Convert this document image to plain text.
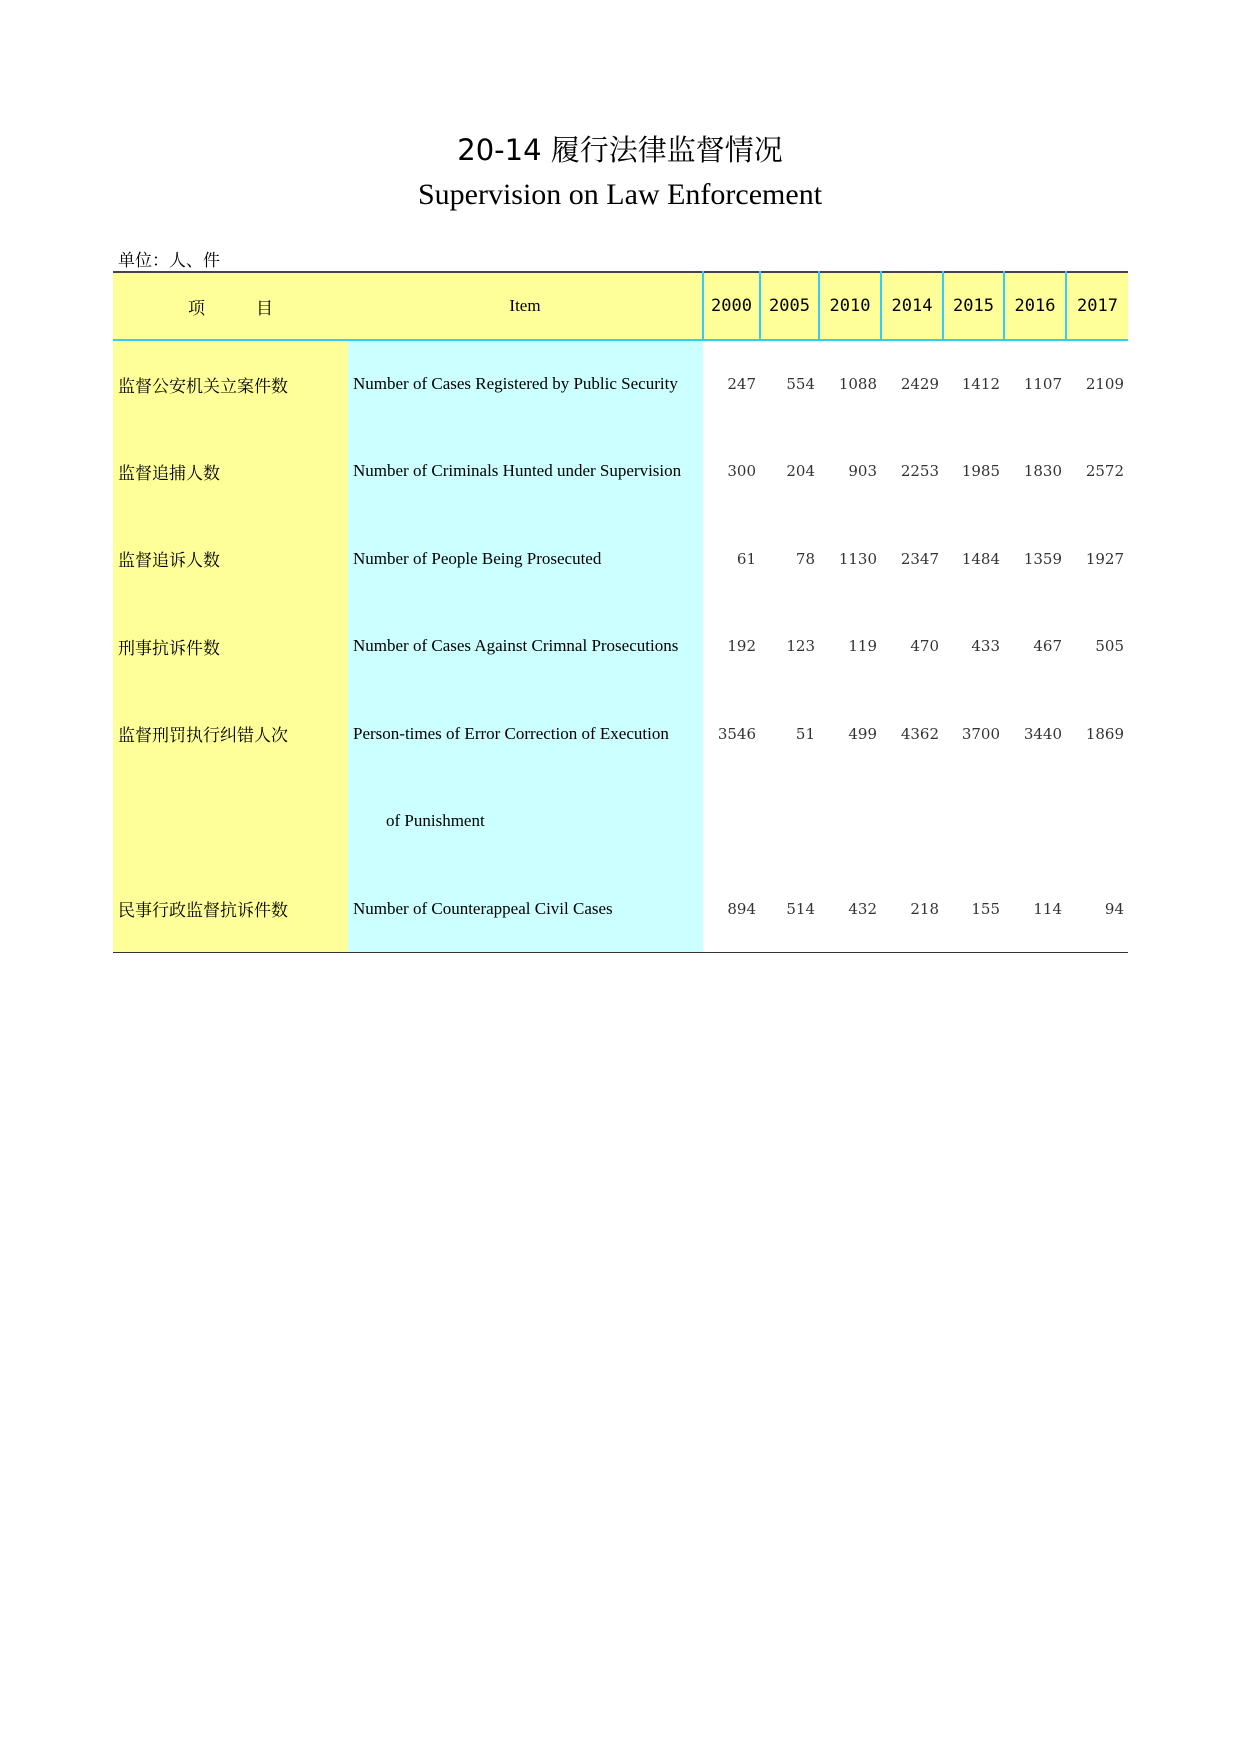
20-14 履行法律监督情况
Supervision on Law Enforcement
单位：人、件
项　　　目	Item	2000	2005	2010	2014	2015	2016	2017
监督公安机关立案件数	Number of Cases Registered by Public Security	247	554	1088	2429	1412	1107	2109
监督追捕人数	Number of Criminals Hunted under Supervision	300	204	903	2253	1985	1830	2572
监督追诉人数	Number of People Being Prosecuted	61	78	1130	2347	1484	1359	1927
刑事抗诉件数	Number of Cases Against Crimnal Prosecutions	192	123	119	470	433	467	505
监督刑罚执行纠错人次	Person-times of Error Correction of Execution	3546	51	499	4362	3700	3440	1869
	of Punishment							
民事行政监督抗诉件数	Number of Counterappeal Civil Cases	894	514	432	218	155	114	94
